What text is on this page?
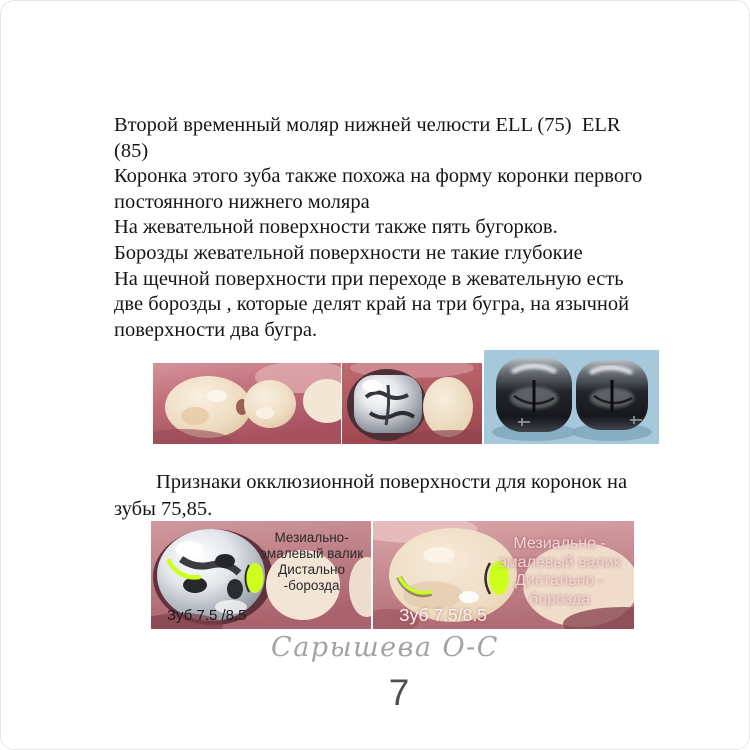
Второй временный моляр нижней челюсти ELL (75)  ELR
(85)
Коронка этого зуба также похожа на форму коронки первого
постоянного нижнего моляра
На жевательной поверхности также пять бугорков.
Борозды жевательной поверхности не такие глубокие
На щечной поверхности при переходе в жевательную есть
две борозды , которые делят край на три бугра, на язычной
поверхности два бугра.
Признаки окклюзионной поверхности для коронок на
зубы 75,85.
Мезиально-
эмалевый валик
Дистально
-борозда
Зуб 7.5 /8.5
Мезиально -
эмалевый валик
Дистально -
борозда
Зуб 7.5/8.5
Сарышева О-С
7
